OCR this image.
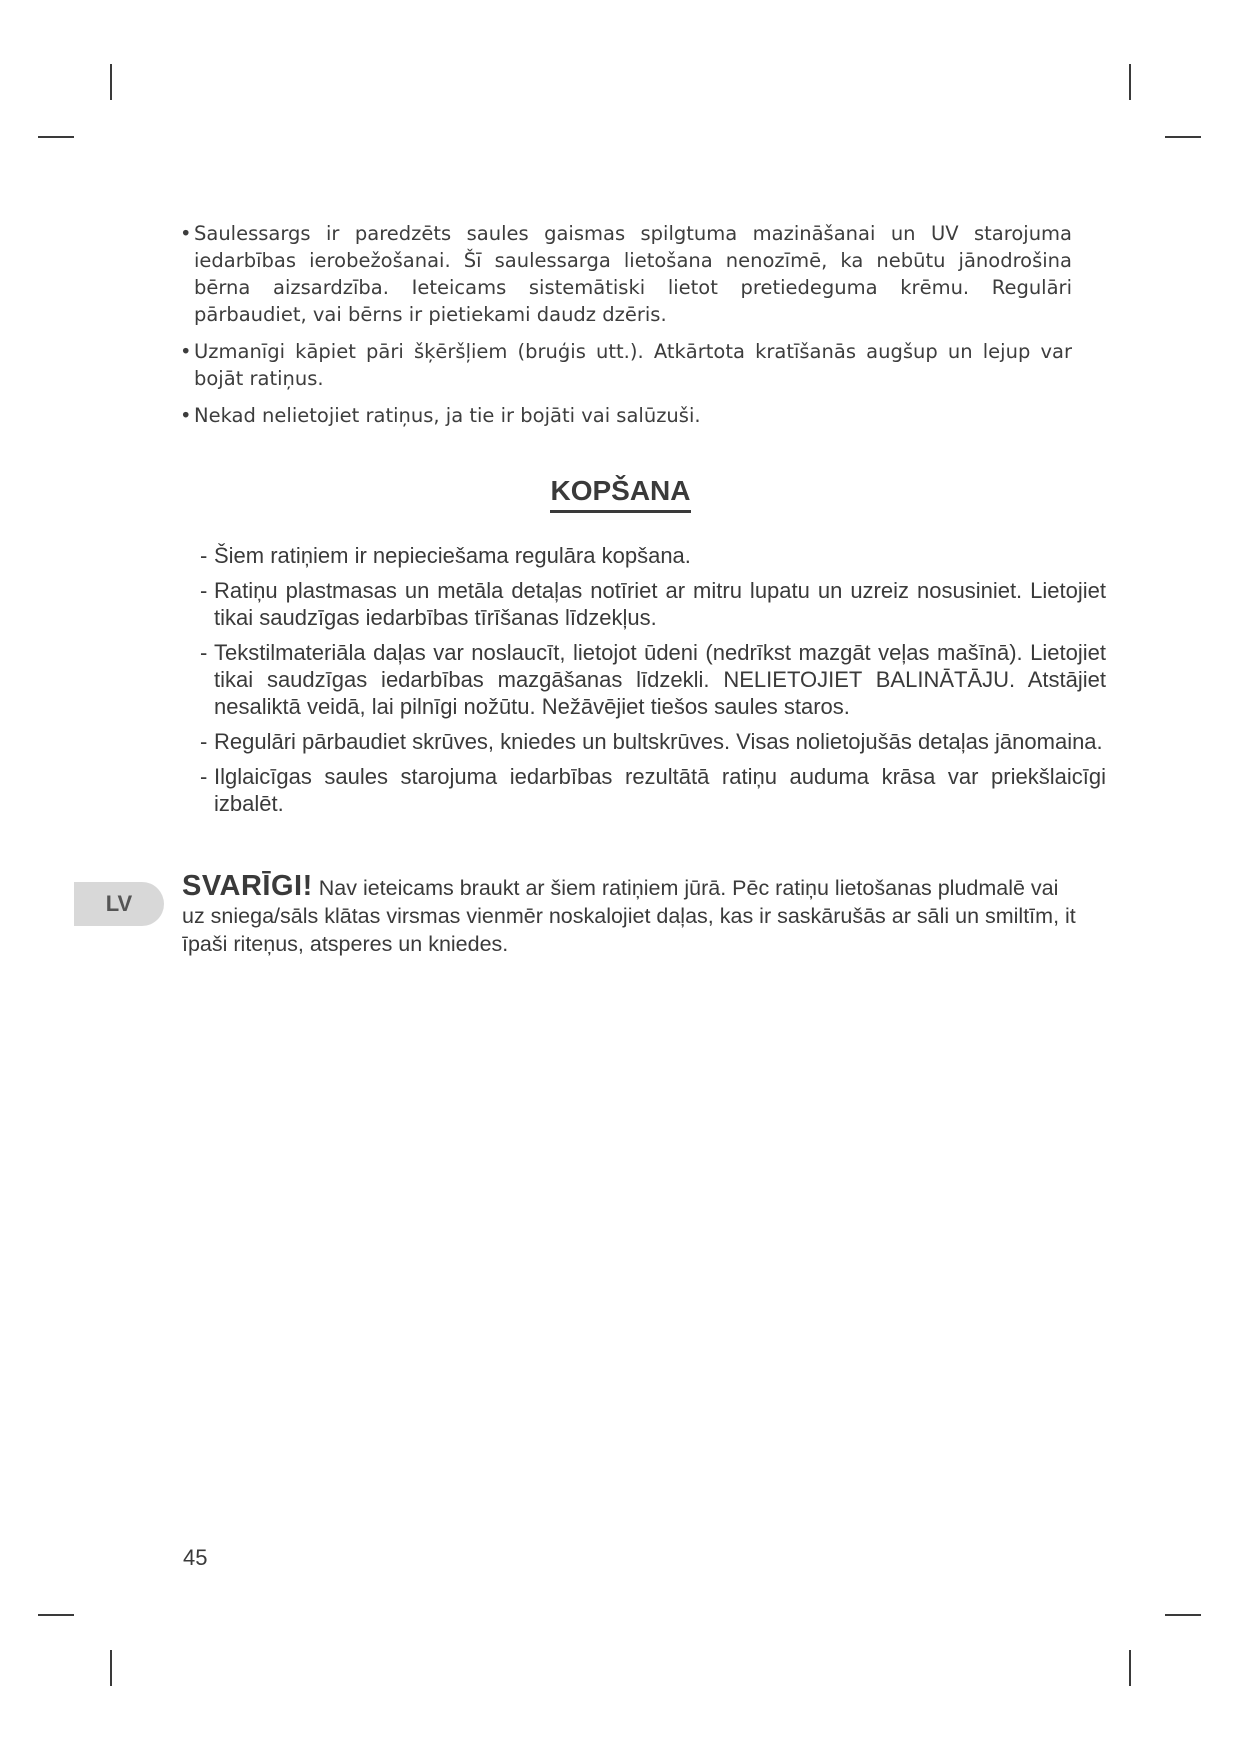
• Saulessargs ir paredzēts saules gaismas spilgtuma mazināšanai un UV starojuma iedarbības ierobežošanai. Šī saulessarga lietošana nenozīmē, ka nebūtu jānodrošina bērna aizsardzība. Ieteicams sistemātiski lietot pretiedeguma krēmu. Regulāri pārbaudiet, vai bērns ir pietiekami daudz dzēris.
• Uzmanīgi kāpiet pāri šķēršļiem (bruģis utt.). Atkārtota kratīšanās augšup un lejup var bojāt ratiņus.
• Nekad nelietojiet ratiņus, ja tie ir bojāti vai salūzuši.
KOPŠANA
- Šiem ratiņiem ir nepieciešama regulāra kopšana.
- Ratiņu plastmasas un metāla detaļas notīriet ar mitru lupatu un uzreiz nosusiniet. Lietojiet tikai saudzīgas iedarbības tīrīšanas līdzekļus.
- Tekstilmateriāla daļas var noslaucīt, lietojot ūdeni (nedrīkst mazgāt veļas mašīnā). Lietojiet tikai saudzīgas iedarbības mazgāšanas līdzekli. NELIETOJIET BALINĀTĀJU. Atstājiet nesaliktā veidā, lai pilnīgi nožūtu. Nežāvējiet tiešos saules staros.
- Regulāri pārbaudiet skrūves, kniedes un bultskrūves. Visas nolietojušās detaļas jānomaina.
- Ilglaicīgas saules starojuma iedarbības rezultātā ratiņu auduma krāsa var priekšlaicīgi izbalēt.
LV
SVARĪGI! Nav ieteicams braukt ar šiem ratiņiem jūrā. Pēc ratiņu lietošanas pludmalē vai uz sniega/sāls klātas virsmas vienmēr noskalojiet daļas, kas ir saskārušās ar sāli un smiltīm, it īpaši riteņus, atsperes un kniedes.
45
